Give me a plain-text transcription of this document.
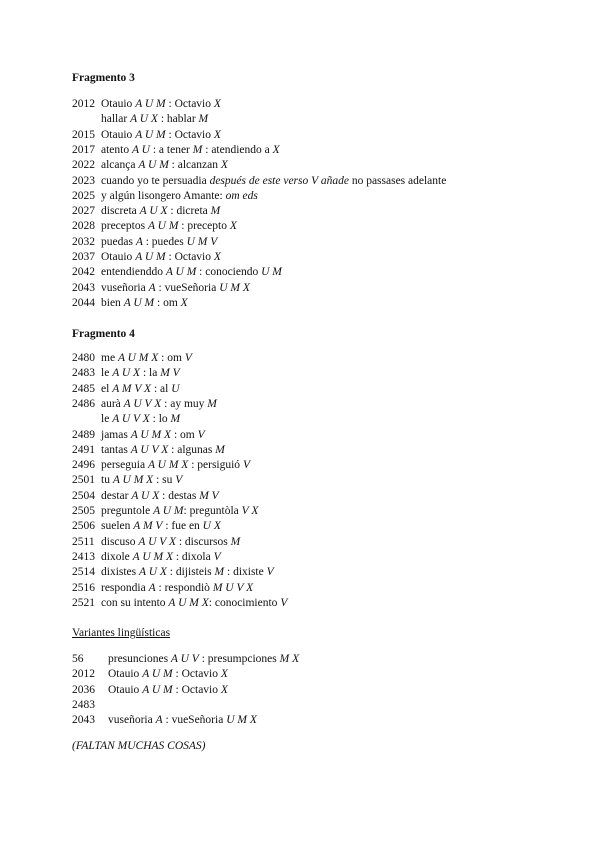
Fragmento 3
2012 Otauio A U M : Octavio X
hallar A U X : hablar M
2015 Otauio A U M : Octavio X
2017 atento A U : a tener M : atendiendo a X
2022 alcança A U M : alcanzan X
2023 cuando yo te persuadia después de este verso V añade no passases adelante
2025 y algún lisongero Amante: om eds
2027 discreta A U X : dicreta M
2028 preceptos A U M : precepto X
2032 puedas A : puedes U M V
2037 Otauio A U M : Octavio X
2042 entendienddo A U M : conociendo U M
2043 vuseñoria A : vueSeñoria U M X
2044 bien A U M : om X
Fragmento 4
2480 me A U M X : om V
2483 le A U X : la M V
2485 el A M V X : al U
2486 aurà A U V X : ay muy M
le A U V X : lo M
2489 jamas A U M X : om V
2491 tantas A U V X : algunas M
2496 perseguia A U M X : persiguió V
2501 tu A U M X : su V
2504 destar A U X : destas M V
2505 preguntole A U M: preguntòla V X
2506 suelen A M V : fue en U X
2511 discuso A U V X : discursos M
2413 dixole A U M X : dixola V
2514 dixistes A U X : dijisteis M : dixiste V
2516 respondia A : respondiò M U V X
2521 con su intento A U M X: conocimiento V
Variantes lingüísticas
56 presunciones A U V : presumpciones M X
2012 Otauio A U M : Octavio X
2036 Otauio A U M : Octavio X
2483
2043 vuseñoria A : vueSeñoria U M X
(FALTAN MUCHAS COSAS)
